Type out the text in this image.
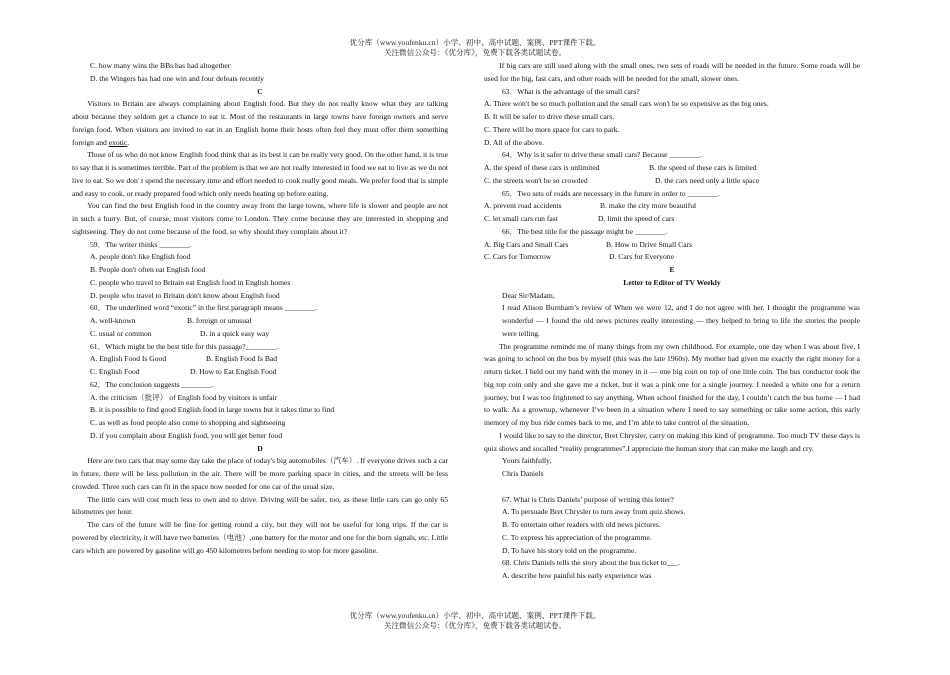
优分库（www.youfenku.cn）小学、初中、高中试题、案例、PPT课件下载。
关注微信公众号：《优分库》，免费下载各类试题试卷。

C. how many wins the BBs has had altogether

D. the Wingers has had one win and four defeats recently

C

Visitors to Britain are always complaining about English food. But they do not really know what they are talking about because they seldom get a chance to eat it. Most of the restaurants in large towns have foreign owners and serve foreign food. When visitors are invited to eat in an English home their hosts often feel they must offer them something foreign and exotic.

Those of us who do not know English food think that as its best it can be really very good. On the other hand, it is true to say that it is sometimes terrible. Part of the problem is that we are not really interested in food we eat to live as we do not live to eat. So we don' t spend the necessary time and effort needed to cook really good meals. We prefer food that is simple and easy to cook, or ready prepared food which only needs heating up before eating.

You can find the best English food in the country away from the large towns, where life is slower and people are not in such a hurry. But, of course, most visitors come to London. They come because they are interested in shopping and sightseeing. They do not come because of the food, so why should they complain about it?

59．The writer thinks ________.

A. people don't like English food

B. People don't often eat English food

C. people who travel to Britain eat English food in English homes

D. people who travel to Britain don't know about English food

60．The underlined word “exotic” in the first paragraph means ________.

A. well-known	B. foreign or unusual
C. usual or common	D. in a quick easy way

61．Which might be the best title for this passage?________.

A. English Food Is Good	B. English Food Is Bad
C. English Food	D. How to Eat English Food

62．The conclusion suggests ________.

A. the criticism（批评） of English food by visitors is unfair

B. it is possible to find good English food in large towns but it takes time to find

C. as well as food people also come to shopping and sightseeing

D. if you complain about English food, you will get better food

D

Here are two cars that may some day take the place of today's big automobiles（汽车）. If everyone drives such a car in future, there will be less pollution in the air. There will be more parking space in cities, and the streets will be less crowded. Three such cars can fit in the space now needed for one car of the usual size.

The little cars will cost much less to own and to drive. Driving will be safer, too, as these little cars can go only 65 kilometres per hour.

The cars of the future will be fine for getting round a city, but they will not be useful for long trips. If the car is powered by electricity, it will have two batteries（电池）,one battery for the motor and one for the horn signals, etc. Little cars which are powered by gasoline will go 450 kilometres before needing to stop for more gasoline.

If big cars are still used along with the small ones, two sets of roads will be needed in the future. Some roads will be used for the big, fast cars, and other roads will be needed for the small, slower ones.

63．What is the advantage of the small cars?

A. There won't be so much pollution and the small cars won't be so expensive as the big ones.

B. It will be safer to drive these small cars.

C. There will be more space for cars to park.

D. All of the above.

64．Why is it safer to drive these small cars? Because ________.

A. the speed of these cars is unlimited	B. the speed of these cars is limited
C. the streets won't be so crowded	D. the cars need only a little space

65．Two sets of roads are necessary in the future in order to ________.

A. prevent road accidents	B. make the city more beautiful
C. let small cars run fast	D. limit the speed of cars

66．The best title for the passage might be ________.

A. Big Cars and Small Cars	B. How to Drive Small Cars
C. Cars for Tomorrow	D. Cars for Everyone

E

Letter to Editor of TV Weekly

Dear Sir/Madam,

I read Alison Burnham’s review of When we were 12, and I do not agree with her. I thought the programme was wonderful — I found the old news pictures really interesting — they helped to bring to life the stories the people were telling.

The programme reminds me of many things from my own childhood. For example, one day when I was about five, I was going to school on the bus by myself (this was the late 1960s). My mother had given me exactly the right money for a return ticket. I held out my hand with the money in it — one big coin on top of one little coin. The bus conductor took the big top coin only and she gave me a ticket, but it was a pink one for a single journey. I needed a white one for a return journey, but I was too frightened to say anything. When school finished for the day, I couldn’t catch the bus home — I had to walk. As a grownup, whenever I’ve been in a situation where I need to say something or take some action, this early memory of my bus ride comes back to me, and I’m able to take control of the situation.

I would like to say to the director, Bret Chrysler, carry on making this kind of programme. Too much TV these days is quiz shows and socalled “reality programmes”.I appreciate the human story that can make me laugh and cry.

Yours faithfully,

Chris Daniels

67. What is Chris Daniels’ purpose of writing this letter?

A. To persuade Bret Chrysler to turn away from quiz shows.

B. To entertain other readers with old news pictures.

C. To express his appreciation of the programme.

D. To have his story told on the programme.

68. Chris Daniels tells the story about the bus ticket to___.

A. describe how painful his early experience was

优分库（www.youfenku.cn）小学、初中、高中试题、案例、PPT课件下载。
关注微信公众号：《优分库》，免费下载各类试题试卷。
